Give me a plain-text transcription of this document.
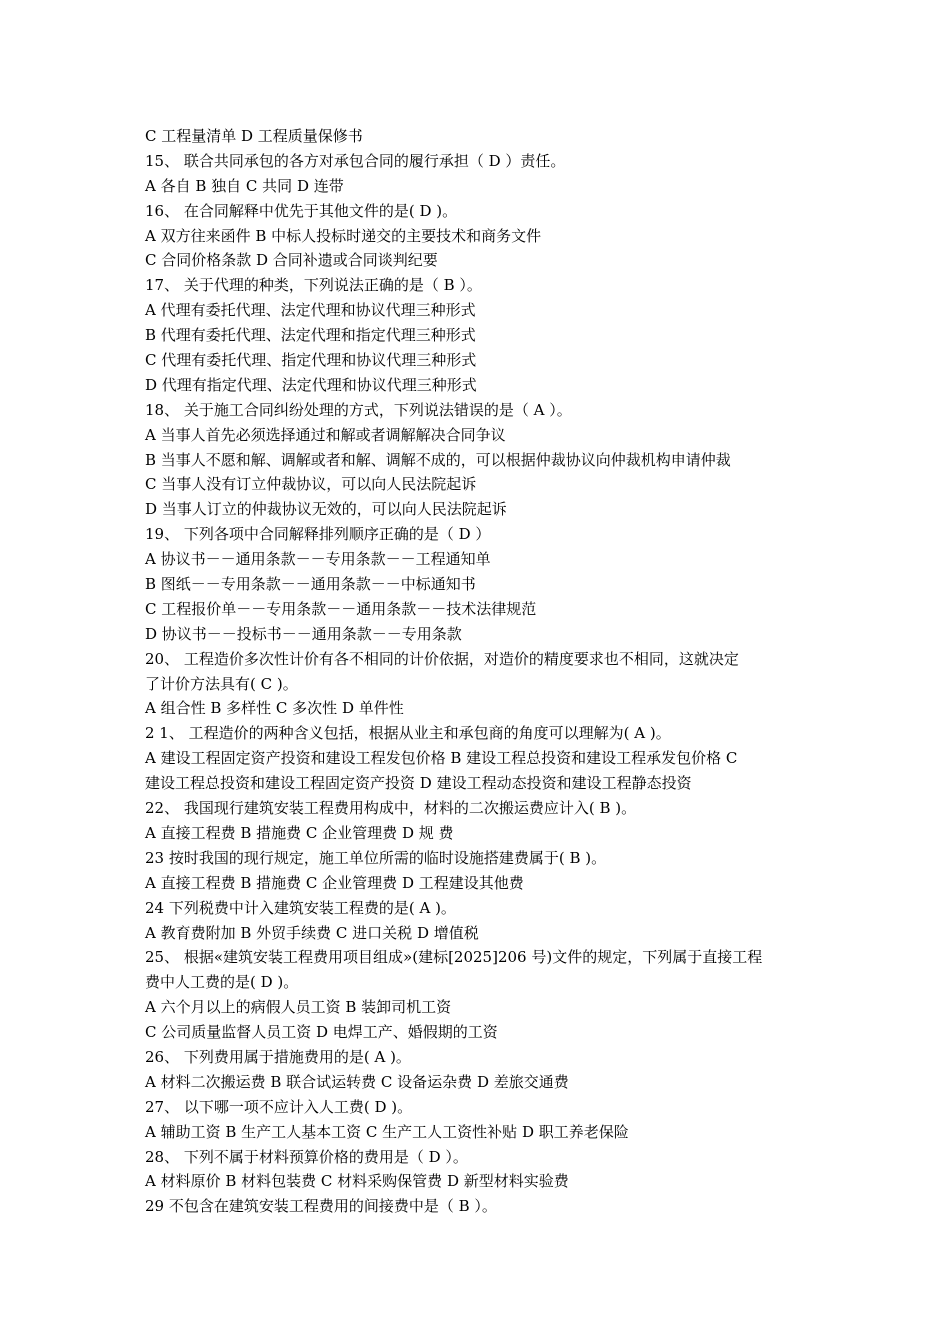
C 工程量清单 D 工程质量保修书
15、 联合共同承包的各方对承包合同的履行承担（ D ）责任。
A 各自 B 独自 C 共同 D 连带
16、 在合同解释中优先于其他文件的是( D )。
A 双方往来函件 B 中标人投标时递交的主要技术和商务文件
C 合同价格条款 D 合同补遗或合同谈判纪要
17、 关于代理的种类，下列说法正确的是（ B ）。
A 代理有委托代理、法定代理和协议代理三种形式
B 代理有委托代理、法定代理和指定代理三种形式
C 代理有委托代理、指定代理和协议代理三种形式
D 代理有指定代理、法定代理和协议代理三种形式
18、 关于施工合同纠纷处理的方式，下列说法错误的是（ A ）。
A 当事人首先必须选择通过和解或者调解解决合同争议
B 当事人不愿和解、调解或者和解、调解不成的，可以根据仲裁协议向仲裁机构申请仲裁
C 当事人没有订立仲裁协议，可以向人民法院起诉
D 当事人订立的仲裁协议无效的，可以向人民法院起诉
19、 下列各项中合同解释排列顺序正确的是（ D ）
A 协议书－－通用条款－－专用条款－－工程通知单
B 图纸－－专用条款－－通用条款－－中标通知书
C 工程报价单－－专用条款－－通用条款－－技术法律规范
D 协议书－－投标书－－通用条款－－专用条款
20、 工程造价多次性计价有各不相同的计价依据，对造价的精度要求也不相同，这就决定
了计价方法具有( C )。
A 组合性 B 多样性 C 多次性 D 单件性
2 1、 工程造价的两种含义包括，根据从业主和承包商的角度可以理解为( A )。
A 建设工程固定资产投资和建设工程发包价格 B 建设工程总投资和建设工程承发包价格 C
建设工程总投资和建设工程固定资产投资 D 建设工程动态投资和建设工程静态投资
22、 我国现行建筑安装工程费用构成中，材料的二次搬运费应计入( B )。
A 直接工程费 B 措施费 C 企业管理费 D 规 费
23 按时我国的现行规定，施工单位所需的临时设施搭建费属于( B )。
A 直接工程费 B 措施费 C 企业管理费 D 工程建设其他费
24 下列税费中计入建筑安装工程费的是( A )。
A 教育费附加 B 外贸手续费 C 进口关税 D 增值税
25、 根据«建筑安装工程费用项目组成»(建标[2025]206 号)文件的规定，下列属于直接工程
费中人工费的是( D )。
A 六个月以上的病假人员工资 B 装卸司机工资
C 公司质量监督人员工资 D 电焊工产、婚假期的工资
26、 下列费用属于措施费用的是( A )。
A 材料二次搬运费 B 联合试运转费 C 设备运杂费 D 差旅交通费
27、 以下哪一项不应计入人工费( D )。
A 辅助工资 B 生产工人基本工资 C 生产工人工资性补贴 D 职工养老保险
28、 下列不属于材料预算价格的费用是（ D ）。
A 材料原价 B 材料包装费 C 材料采购保管费 D 新型材料实验费
29 不包含在建筑安装工程费用的间接费中是（ B ）。
